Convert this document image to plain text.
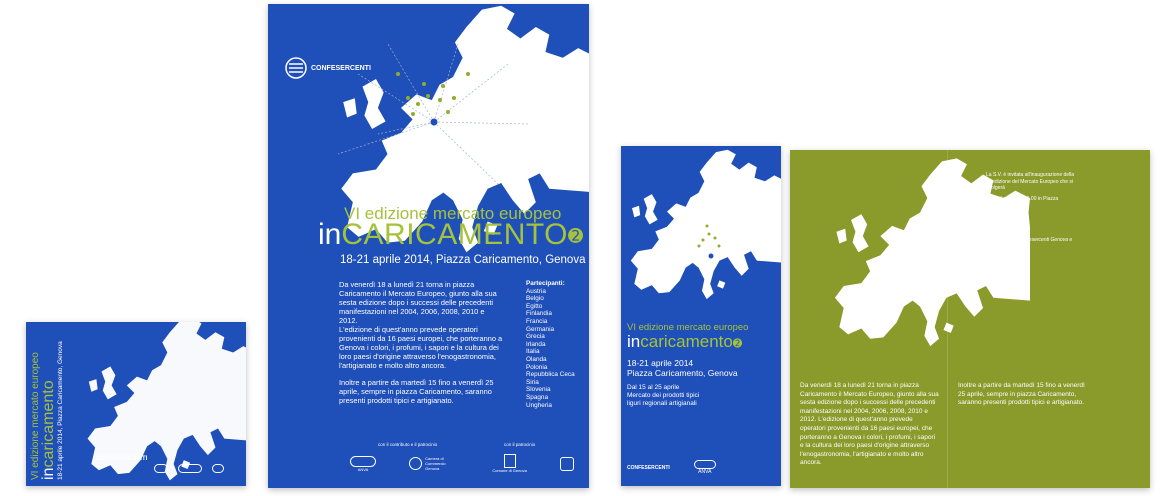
VI edizione mercato europeo incaricamento 18-21 aprile 2014, Piazza Caricamento, Genova	CONFESERCENTI
CONFESERCENTI
VI edizione mercato europeo
inCARICAMENTO➋
18-21 aprile 2014, Piazza Caricamento, Genova

Da venerdì 18 a lunedì 21 torna in piazza Caricamento il Mercato Europeo, giunto alla sua sesta edizione dopo i successi delle precedenti manifestazioni nel 2004, 2006, 2008, 2010 e 2012.

L'edizione di quest'anno prevede operatori provenienti da 16 paesi europei, che porteranno a Genova i colori, i profumi, i sapori e la cultura dei loro paesi d'origine attraverso l'enogastronomia, l'artigianato e molto altro ancora.

Inoltre a partire da martedì 15 fino a venerdì 25 aprile, sempre in piazza Caricamento, saranno presenti prodotti tipici e artigianato.

Partecipanti:
Austria
Belgio
Egitto
Finlandia
Francia
Germania
Grecia
Irlanda
Italia
Olanda
Polonia
Repubblica Ceca
Siria
Slovenia
Spagna
Ungheria
con il contributo e il patrocinio	con il patrocinio
ANVA
Camera di Commercio Genova	Comune di Genova
VI edizione mercato europeo
incaricamento➋
18-21 aprile 2014
Piazza Caricamento, Genova
Dal 15 al 25 aprile
Mercato dei prodotti tipici
liguri regionali artigianali
CONFESERCENTI
ANVA
La S.V. è invitata all'inaugurazione della VI edizione del Mercato Europeo che si svolgerà
18 aprile alle ore 11.00 in Piazza Caricamento
La Presidente Confesercenti Genova e Liguria
Patrizia De Luise
Da venerdì 18 a lunedì 21 torna in piazza Caricamento il Mercato Europeo, giunto alla sua sesta edizione dopo i successi delle precedenti manifestazioni nel 2004, 2006, 2008, 2010 e 2012. L'edizione di quest'anno prevede operatori provenienti da 16 paesi europei, che porteranno a Genova i colori, i profumi, i sapori e la cultura dei loro paesi d'origine attraverso l'enogastronomia, l'artigianato e molto altro ancora.
Inoltre a partire da martedì 15 fino a venerdì 25 aprile, sempre in piazza Caricamento, saranno presenti prodotti tipici e artigianato.
